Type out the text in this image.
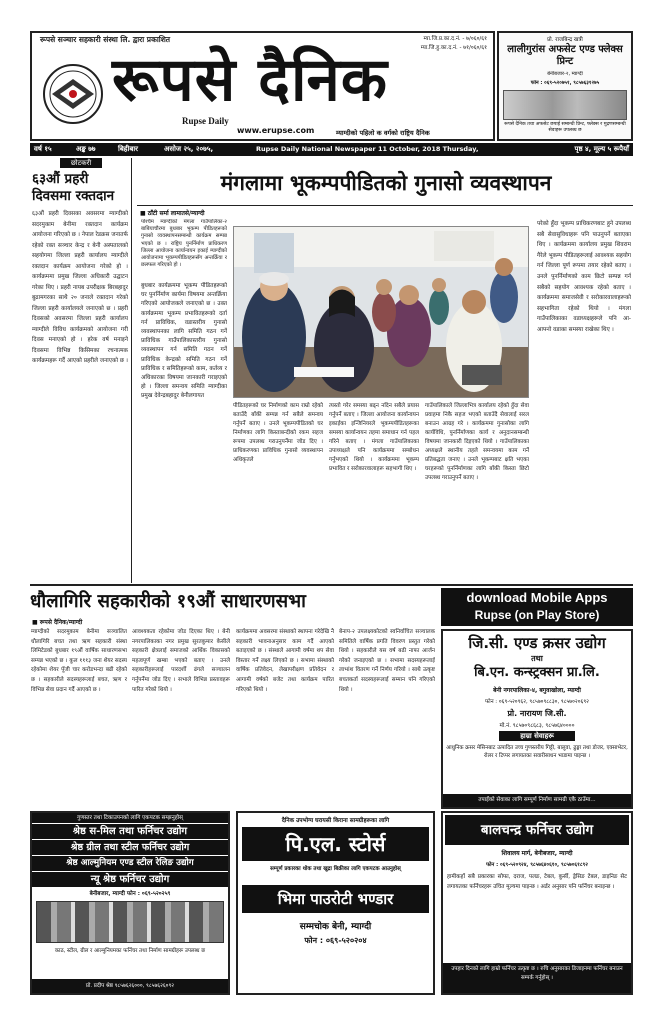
रूपसे सञ्चार सहकारी संस्था लि. द्वारा प्रकाशित	म्या.जि.प्र.का.द.नं. - ७/०६०/६१
म्या.जि.हु.का.द.नं. - ७१/०६०/६१
रूपसे दैनिक
Rupse Daily
www.erupse.com	म्याग्दीको पहिलो क वर्गको राष्ट्रिय दैनिक
प्रो. राजबिन्द्र खत्री
लालीगुरांस अफसेट एण्ड फ्लेक्स प्रिन्ट
बेनीबजार-२, म्याग्दी
फोन : ०६९-५२०७५१, ९८५७६३१२७५
रूपसे दैनिक तथा अफसेट छपाई सम्बन्धी प्रिन्ट, फ्लेक्स र मुद्रणसम्बन्धी सेवाहरू उपलब्ध छ
वर्ष १५	अङ्क ७७	बिहीबार	असोज २५, २०७५,	Rupse Daily National Newspaper 11 October, 2018 Thursday,	पृष्ठ ४, मूल्य ५ रूपैयाँ
छोटकरी
६३औं प्रहरी दिवसमा रक्तदान
६३औं प्रहरी दिवसका अवसरमा म्याग्दीको सदरमुकाम बेनीमा रक्तदान कार्यक्रम आयोजना गरिएको छ । नेपाल रेडक्रस जनातर्फ रहेको रक्त सञ्चार केन्द्र र बेनी अस्पतालको सहयोगमा जिल्ला प्रहरी कार्यालय म्याग्दीले रक्तदान कार्यक्रम आयोजना गरेको हो । कार्यक्रममा प्रमुख जिल्ला अधिकारी उद्घाटन गरेका थिए । प्रहरी नायब उपरीक्षक बिरबहादुर बुढामगरका साथै २० जनाले रक्तदान गरेको जिल्ला प्रहरी कार्यालयले जनाएको छ । प्रहरी दिवसको अवसरमा जिल्ला प्रहरी कार्यालय म्याग्दीले विविध कार्यक्रमको आयोजना गरी दिवस मनाएको हो । हरेक वर्ष मनाइने दिवसमा विभिन्न किसिमका रचनात्मक कार्यक्रमहरू गर्दै आएको प्रहरीले जनाएको छ ।
मंगलामा भूकम्पपीडितको गुनासो व्यवस्थापन
■ ठाँटी सर्मा लामातसे/म्याग्दी
पश्चिम म्याग्दीको मंगला गाउँपालिका-२ बाबियाचौरमा बुधबार भूकम्प पीडितहरूको गुनासो व्यवस्थापनसम्बन्धी कार्यक्रम सम्पन्न भएको छ । राष्ट्रिय पुनर्निर्माण प्राधिकरण जिल्ला आयोजना कार्यान्वयन इकाई म्याग्दीको आयोजनामा भूकम्पपीडितहरूसँग अन्तर्क्रिया र छलफल गरिएको हो ।
बुधबार कार्यक्रममा भूकम्प पीडितहरूको घर पुनर्निर्माण कार्यमा विषयमा अन्तर्क्रिया गरिएको आयोजकले जनाएको छ । उक्त कार्यक्रममा भूकम्प प्रभावितहरूको दर्ता गर्न प्राविधिक, वडास्तरीय गुनासो व्यवस्थापनका लागि समिति गठन गर्ने प्राविधिक गाउँपालिकास्तरीय गुनासो व्यवस्थापन गर्न समिति गठन गर्ने प्राविधिक केन्द्रको समिति गठन गर्ने प्राविधिक र समितिहरूको काम, कर्तव्य र अधिकारका विषयमा जानकारी गराइएको हो । जिल्ला समन्वय समिति म्याग्दीका प्रमुख देवेन्द्रबहादुर बेनीलगायत
पीडितहरूको घर निर्माणको काम राम्रो रहेको बताउँदै बाँकी सम्पन्न गर्न सबैले समन्वय गर्नुपर्ने बताए । उनले भूकम्पपीडितको घर निर्माणका लागि किस्ताबन्दीको रकम सहज रूपमा उपलब्ध गराउनुपर्नेमा जोड दिए । प्राधिकरणका प्राविधिक गुनासो व्यवस्थापन अधिकृतले
त्यस्तो गरेर समस्या बढ्न नदिन सबैले प्रयास गर्नुपर्ने बताए । जिल्ला आयोजना कार्यान्वयन इकाईका इन्जिनियरले भूकम्पपीडितहरूका समस्या कार्यान्वयन तहमा समाधान गर्न पहल गरिने बताए । मंगला गाउँपालिकाका उपाध्यक्षले पनि कार्यक्रममा सम्बोधन गर्नुभएको थियो । कार्यक्रममा भूकम्प प्रभावित र सरोकारवालाहरू सहभागी थिए ।
गाउँपालिकाले जिल्लाभित्र कार्यालय रहेको हुँदा सेवा प्रवाहमा निकै सहज भएको बताउँदै सेवालाई सरल बनाउन आग्रह गरे । कार्यक्रममा गुनासोका लागि कार्यविधि, पुनर्निर्माणका कार्य र अनुदानसम्बन्धी विषयमा जानकारी दिइएको थियो । गाउँपालिकाका अध्यक्षले स्थानीय तहले समन्वयमा काम गर्ने प्रतिबद्धता जनाए । उनले भूकम्पबाट क्षति भएका घरहरूको पुनर्निर्माणका लागि बाँकी किस्ता छिटो उपलब्ध गराउनुपर्ने बताए ।
परेको हुँदा भूकम्प प्राधिकरणबाट हुने उपलब्ध सबै सेवासुविधाहरू पनि पाउनुपर्ने बताएका थिए । कार्यक्रममा कार्यालय प्रमुख शिवराम गैरेले भूकम्प पीडितहरूलाई आवश्यक सहयोग गर्न जिल्ला पूर्ण रूपमा तयार रहेको बताए । उनले पुनर्निर्माणको काम छिटो सम्पन्न गर्न सबैको सहयोग आवश्यक रहेको बताए । कार्यक्रममा समाजसेवी र सरोकारवालाहरूको सहभागिता रहेको थियो । मंगला गाउँपालिकाका वडाध्यक्षहरूले पनि आ-आफ्नो वडाका समस्या राखेका थिए ।
धौलागिरि सहकारीको १९औं साधारणसभा
■ रूपसे दैनिक/म्याग्दी
म्याग्दीको सदरमुकाम बेनीमा सञ्चालित धौलागिरि बचत तथा ऋण सहकारी संस्था लिमिटेडको बुधबार १९औं वार्षिक साधारणसभा सम्पन्न भएको छ । कुल १११३ जना शेयर सदस्य रहेकोमा शेयर पूँजी चार करोडभन्दा बढी रहेको छ । सहकारीले सदस्यहरूलाई बचत, ऋण र विभिन्न सेवा प्रदान गर्दै आएको छ ।
आवश्यकता रहेकोमा जोड दिएका थिए । बेनी नगरपालिकाका नगर प्रमुख सुरतकुमार केसीले सहकारी क्षेत्रलाई समाजको आर्थिक विकासको महत्वपूर्ण खम्बा भएको बताए । उनले सहकारीहरूलाई पारदर्शी ढंगले सञ्चालन गर्नुपर्नेमा जोड दिए । सभाले विभिन्न प्रस्तावहरू पारित गरेको थियो ।
कार्यक्रममा अवसरमा संस्थाको स्थापना गरेदेखि नै सहकारी भावनाअनुसार काम गर्दै आएको बताइएको छ । संस्थाले आगामी वर्षमा थप सेवा विस्तार गर्ने लक्ष्य लिएको छ । सभामा संस्थाको वार्षिक प्रतिवेदन, लेखापरीक्षण प्रतिवेदन र आगामी वर्षको बजेट तथा कार्यक्रम पारित गरिएको थियो ।
बेनाप-२ उपलक्ष्यकोटको स्वनिर्वाचित सञ्चालक समितिले वार्षिक प्रगति विवरण प्रस्तुत गरेको थियो । सहकारीले यस वर्ष बढी नाफा आर्जन गरेको जनाइएको छ । सभामा सदस्यहरूलाई लाभांश वितरण गर्ने निर्णय गरियो । साथै उत्कृष्ट बचतकर्ता सदस्यहरूलाई सम्मान पनि गरिएको थियो ।
download Mobile Apps
Rupse (on Play Store)
जि.सी. एण्ड क्रसर उद्योग
तथा
बि.एन. कन्स्ट्रक्सन प्रा.लि.
बेनी नगरपालिका-४, बगुवाखोला, म्याग्दी
फोन : ०६९-५२०९६२, ९८५७०९८८३०, ९८५७०२०६९२
प्रो. नारायण जि.सी.
मो.नं. ९८५७०९८६८३, ९८५७६४००००
हाम्रा सेवाहरू
आधुनिक क्रसर मेसिनबाट उत्पादित उच्च गुणस्तरीय गिट्टी, बालुवा, ढुङ्गा तथा डोजर, एक्साभेटर, रोलर र टिप्पर लगायतका सवारीसाधन भाडामा पाइन्छ ।
तपाईंको सेवाका लागि सम्पूर्ण निर्माण सामग्री एकै ठाउँमा...
गुणस्तर तथा टिकाउपनको लागि एकपटक सम्झनुहोस्
श्रेष्ठ स-मिल तथा फर्निचर उद्योग
श्रेष्ठ ग्रील तथा स्टील फर्निचर उद्योग
श्रेष्ठ आल्मुनियम एण्ड स्टील रेलिङ उद्योग
न्यू श्रेष्ठ फर्निचर उद्योग
बेनीबजार, म्याग्दी फोन : ०६९-५२०२५९
काठ, स्टील, ग्रील र आल्मुनियमका फर्निचर तथा निर्माण सामग्रीहरू उपलब्ध छ
प्रो. प्रदीप श्रेष्ठ ९८५७६२६०००, ९८५७६२६०९२
दैनिक उपभोग्य घरायसी किराना सामग्रीहरूका लागि
पि.एल. स्टोर्स
सम्पूर्ण प्रकारका थोक तथा खुद्रा बिक्रीका लागि एकपटक आउनुहोस्
भिमा पाउरोटी भण्डार
सम्मचोक बेनी, म्याग्दी
फोन : ०६९-५२०२०४
बालचन्द्र फर्निचर उद्योग
शिवालय मार्ग, बेनीबजार, म्याग्दी
फोन : ०६९-५२०९२४, ९८५७६४०६१०, ९८५७०६१८९२
हामीकहाँ सबै प्रकारका सोफा, दराज, पलङ, टेबल, कुर्सी, ड्रेसिङ टेबल, डाइनिङ सेट लगायतका फर्निचरहरू उचित मूल्यमा पाइन्छ । अर्डर अनुसार पनि फर्निचर बनाइन्छ ।
उपहार दिनको लागि हाम्रो फर्निचर उत्कृष्ट छ । रुचि अनुसारका डिजाइनमा फर्निचर बनाउन सम्पर्क गर्नुहोस् ।
